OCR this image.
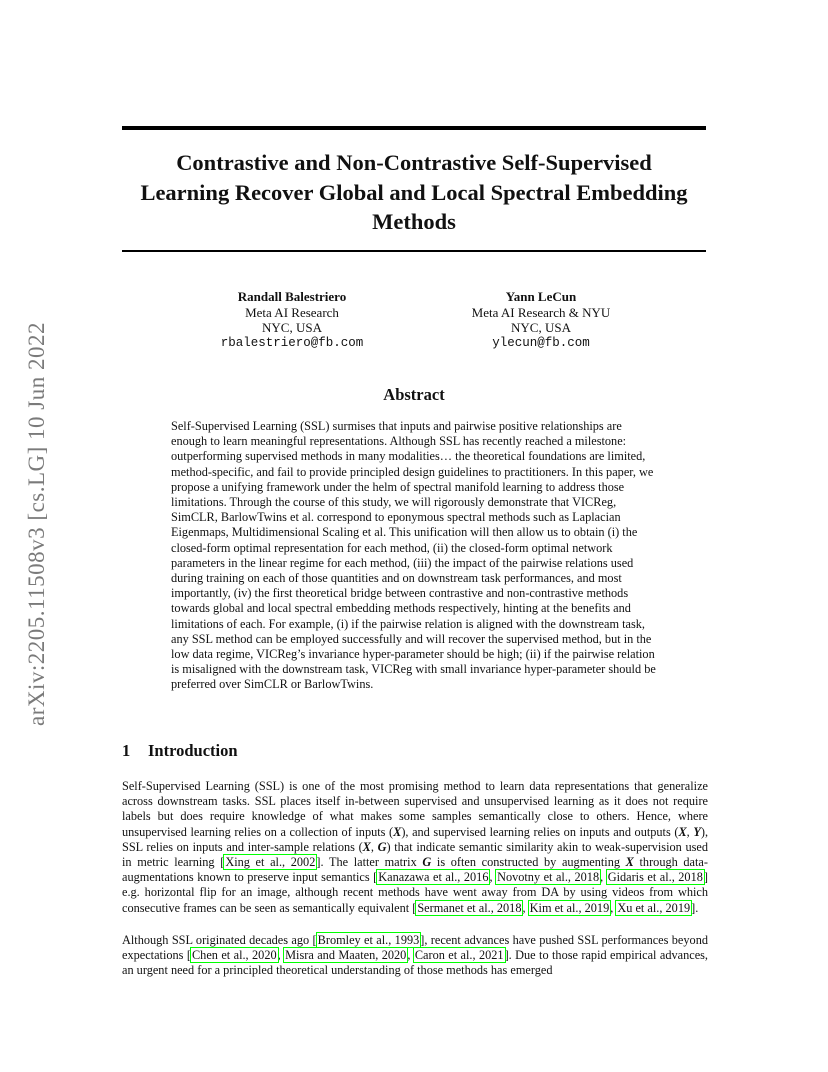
arXiv:2205.11508v3 [cs.LG] 10 Jun 2022
Contrastive and Non-Contrastive Self-Supervised
Learning Recover Global and Local Spectral Embedding
Methods
Randall Balestriero
Meta AI Research
NYC, USA
rbalestriero@fb.com
Yann LeCun
Meta AI Research & NYU
NYC, USA
ylecun@fb.com
Abstract
Self-Supervised Learning (SSL) surmises that inputs and pairwise positive relationships are enough to learn meaningful representations. Although SSL has recently reached a milestone: outperforming supervised methods in many modalities… the theoretical foundations are limited, method-specific, and fail to provide principled design guidelines to practitioners. In this paper, we propose a unifying framework under the helm of spectral manifold learning to address those limitations. Through the course of this study, we will rigorously demonstrate that VICReg, SimCLR, BarlowTwins et al. correspond to eponymous spectral methods such as Laplacian Eigenmaps, Multidimensional Scaling et al. This unification will then allow us to obtain (i) the closed-form optimal representation for each method, (ii) the closed-form optimal network parameters in the linear regime for each method, (iii) the impact of the pairwise relations used during training on each of those quantities and on downstream task performances, and most importantly, (iv) the first theoretical bridge between contrastive and non-contrastive methods towards global and local spectral embedding methods respectively, hinting at the benefits and limitations of each. For example, (i) if the pairwise relation is aligned with the downstream task, any SSL method can be employed successfully and will recover the supervised method, but in the low data regime, VICReg’s invariance hyper-parameter should be high; (ii) if the pairwise relation is misaligned with the downstream task, VICReg with small invariance hyper-parameter should be preferred over SimCLR or BarlowTwins.
1 Introduction
Self-Supervised Learning (SSL) is one of the most promising method to learn data representations that generalize across downstream tasks. SSL places itself in-between supervised and unsupervised learning as it does not require labels but does require knowledge of what makes some samples semantically close to others. Hence, where unsupervised learning relies on a collection of inputs (X), and supervised learning relies on inputs and outputs (X, Y), SSL relies on inputs and inter-sample relations (X, G) that indicate semantic similarity akin to weak-supervision used in metric learning [Xing et al., 2002]. The latter matrix G is often constructed by augmenting X through data-augmentations known to preserve input semantics [Kanazawa et al., 2016, Novotny et al., 2018, Gidaris et al., 2018] e.g. horizontal flip for an image, although recent methods have went away from DA by using videos from which consecutive frames can be seen as semantically equivalent [Sermanet et al., 2018, Kim et al., 2019, Xu et al., 2019].
Although SSL originated decades ago [Bromley et al., 1993], recent advances have pushed SSL performances beyond expectations [Chen et al., 2020, Misra and Maaten, 2020, Caron et al., 2021]. Due to those rapid empirical advances, an urgent need for a principled theoretical understanding of those methods has emerged
